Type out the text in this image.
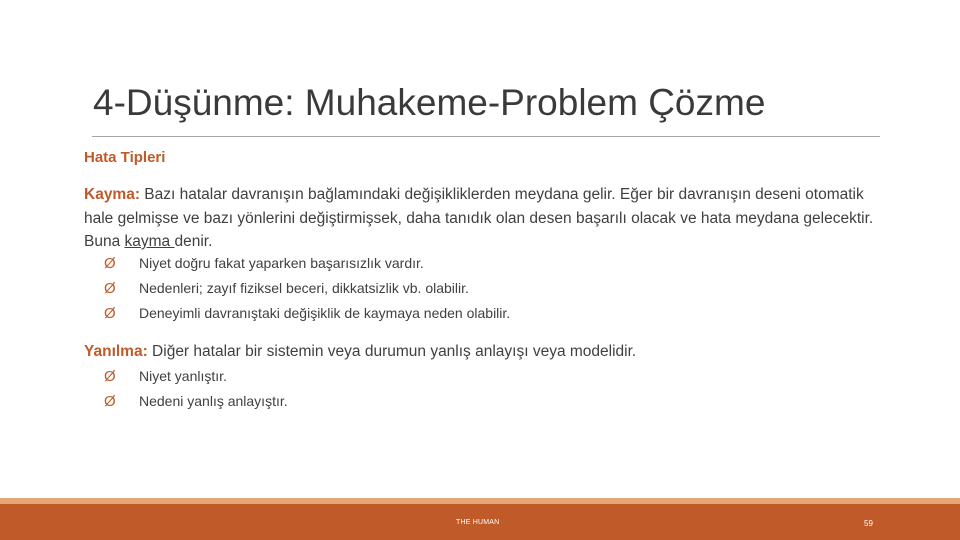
4-Düşünme: Muhakeme-Problem Çözme
Hata Tipleri
Kayma: Bazı hatalar davranışın bağlamındaki değişikliklerden meydana gelir. Eğer bir davranışın deseni otomatik hale gelmişse ve bazı yönlerini değiştirmişsek, daha tanıdık olan desen başarılı olacak ve hata meydana gelecektir. Buna kayma denir.
Ø Niyet doğru fakat yaparken başarısızlık vardır.
Ø Nedenleri; zayıf fiziksel beceri, dikkatsizlik vb. olabilir.
Ø Deneyimli davranıştaki değişiklik de kaymaya neden olabilir.
Yanılma: Diğer hatalar bir sistemin veya durumun yanlış anlayışı veya modelidir.
Ø Niyet yanlıştır.
Ø Nedeni yanlış anlayıştır.
THE HUMAN	59
